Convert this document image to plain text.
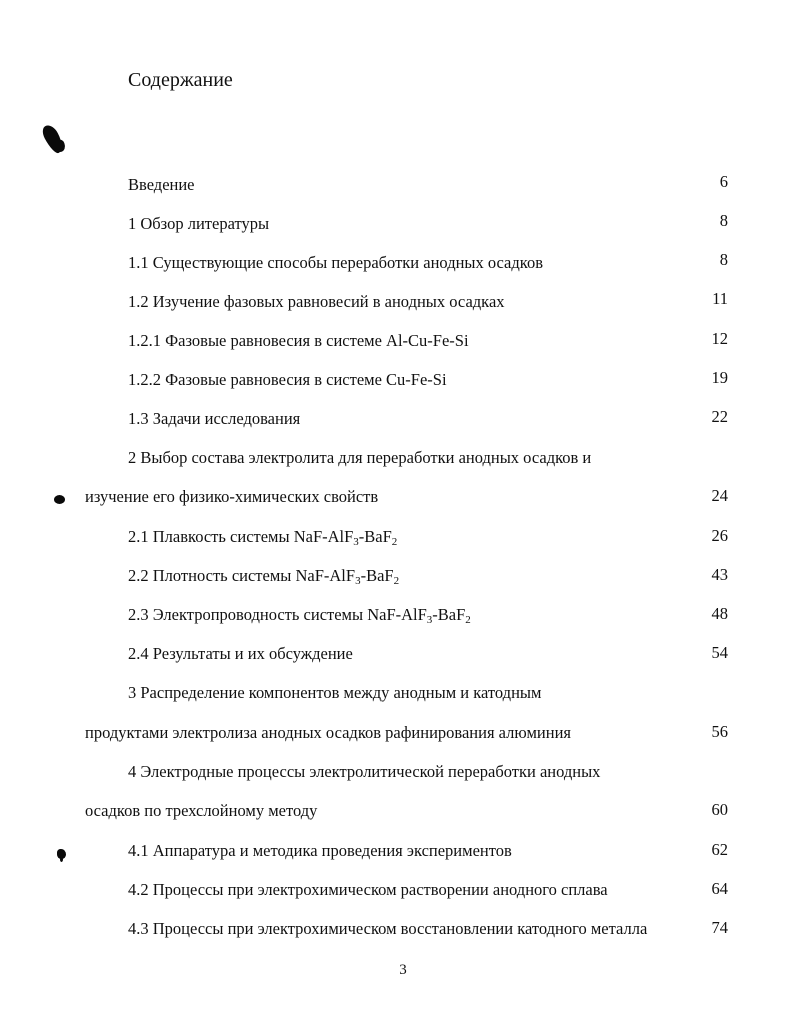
Содержание
Введение	6
1 Обзор литературы	8
1.1 Существующие способы переработки анодных осадков	8
1.2 Изучение фазовых равновесий в анодных осадках	11
1.2.1 Фазовые равновесия в системе Al-Cu-Fe-Si	12
1.2.2 Фазовые равновесия в системе Cu-Fe-Si	19
1.3 Задачи исследования	22
2 Выбор состава электролита для переработки анодных осадков и
изучение его физико-химических свойств	24
2.1 Плавкость системы NaF-AlF$_3$-BaF$_2$	26
2.2 Плотность системы NaF-AlF$_3$-BaF$_2$	43
2.3 Электропроводность системы NaF-AlF$_3$-BaF$_2$	48
2.4 Результаты и их обсуждение	54
3 Распределение компонентов между анодным и катодным
продуктами электролиза анодных осадков рафинирования алюминия	56
4 Электродные процессы электролитической переработки анодных
осадков по трехслойному методу	60
4.1 Аппаратура и методика проведения экспериментов	62
4.2 Процессы при электрохимическом растворении анодного сплава	64
4.3 Процессы при электрохимическом восстановлении катодного металла	74
3
